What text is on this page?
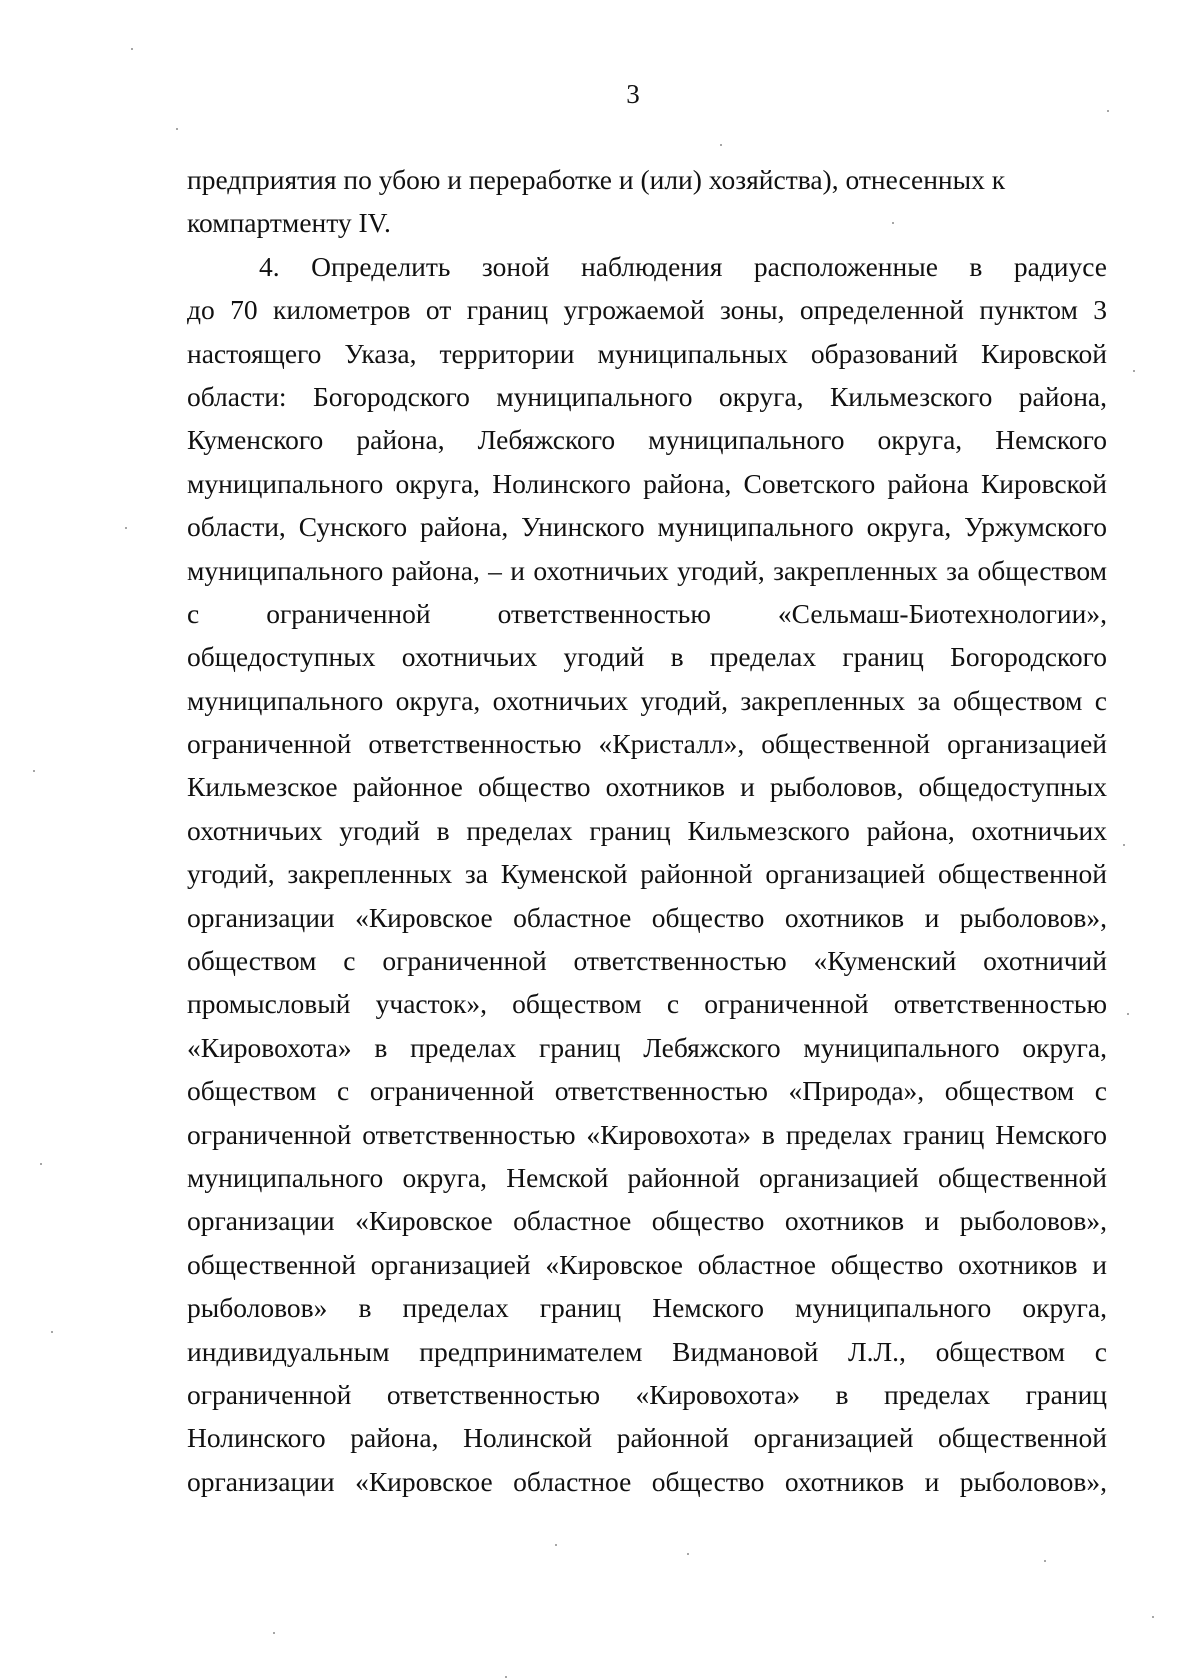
3
предприятия по убою и переработке и (или) хозяйства), отнесенных к
компартменту IV.
4. Определить зоной наблюдения расположенные в радиусе
до 70 километров от границ угрожаемой зоны, определенной пунктом 3
настоящего Указа, территории муниципальных образований Кировской
области: Богородского муниципального округа, Кильмезского района,
Куменского района, Лебяжского муниципального округа, Немского
муниципального округа, Нолинского района, Советского района Кировской
области, Сунского района, Унинского муниципального округа, Уржумского
муниципального района, – и охотничьих угодий, закрепленных за обществом
с ограниченной ответственностью «Сельмаш-Биотехнологии»,
общедоступных охотничьих угодий в пределах границ Богородского
муниципального округа, охотничьих угодий, закрепленных за обществом с
ограниченной ответственностью «Кристалл», общественной организацией
Кильмезское районное общество охотников и рыболовов, общедоступных
охотничьих угодий в пределах границ Кильмезского района, охотничьих
угодий, закрепленных за Куменской районной организацией общественной
организации «Кировское областное общество охотников и рыболовов»,
обществом с ограниченной ответственностью «Куменский охотничий
промысловый участок», обществом с ограниченной ответственностью
«Кировохота» в пределах границ Лебяжского муниципального округа,
обществом с ограниченной ответственностью «Природа», обществом с
ограниченной ответственностью «Кировохота» в пределах границ Немского
муниципального округа, Немской районной организацией общественной
организации «Кировское областное общество охотников и рыболовов»,
общественной организацией «Кировское областное общество охотников и
рыболовов» в пределах границ Немского муниципального округа,
индивидуальным предпринимателем Видмановой Л.Л., обществом с
ограниченной ответственностью «Кировохота» в пределах границ
Нолинского района, Нолинской районной организацией общественной
организации «Кировское областное общество охотников и рыболовов»,
